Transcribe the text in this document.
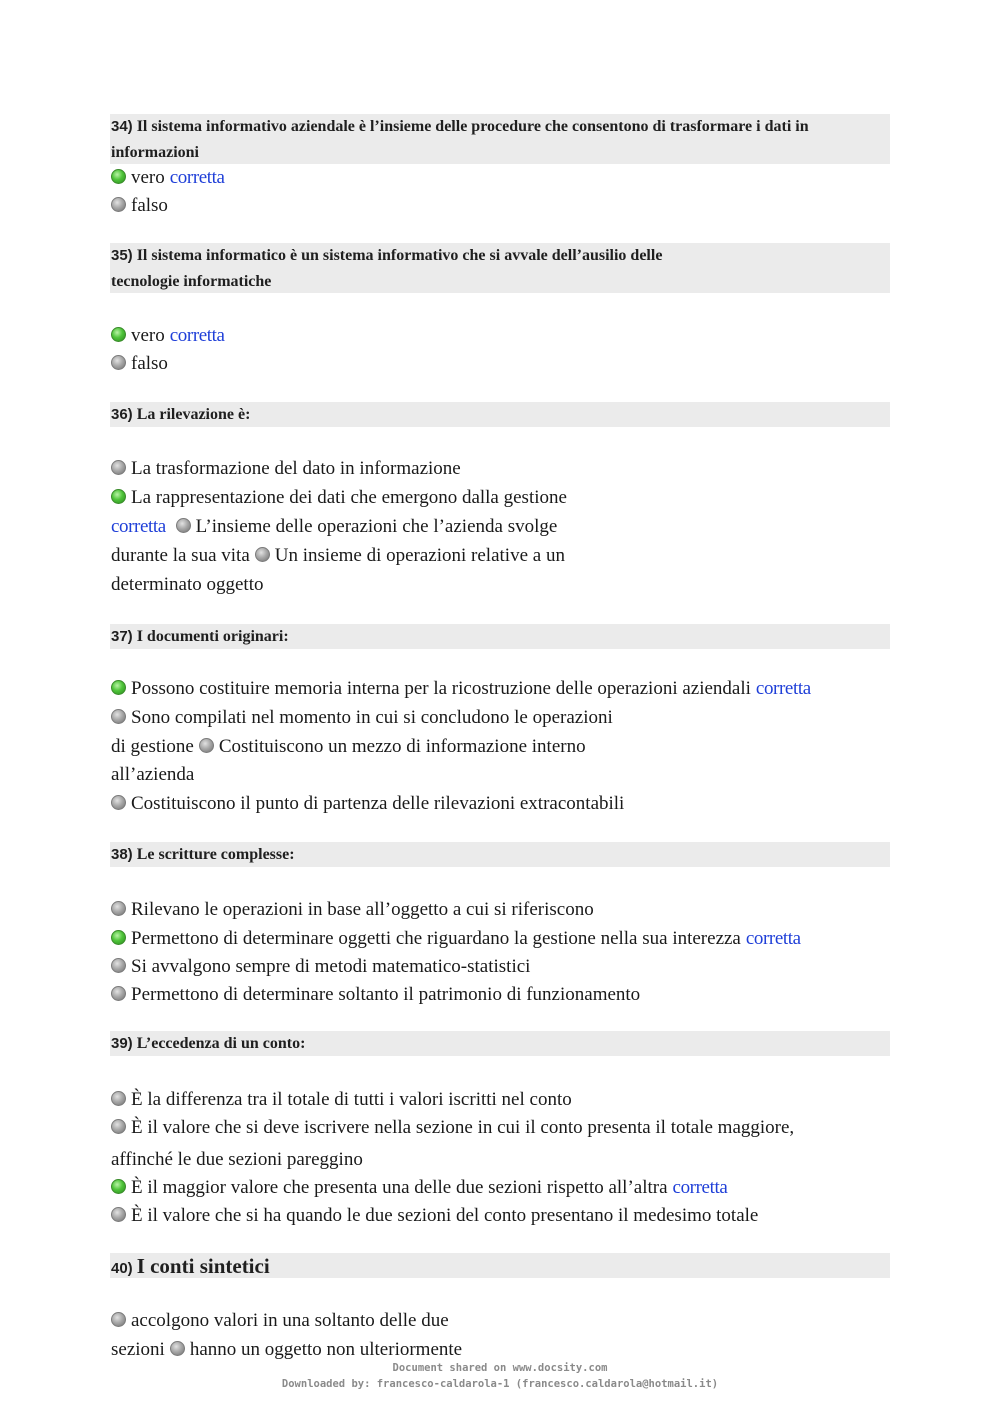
34) Il sistema informativo aziendale è l’insieme delle procedure che consentono di trasformare i dati in
informazioni
vero corretta
falso
35) Il sistema informatico è un sistema informativo che si avvale dell’ausilio delle
tecnologie informatiche
vero corretta
falso
36) La rilevazione è:
La trasformazione del dato in informazione
La rappresentazione dei dati che emergono dalla gestione
corretta L’insieme delle operazioni che l’azienda svolge
durante la sua vita Un insieme di operazioni relative a un
determinato oggetto
37) I documenti originari:
Possono costituire memoria interna per la ricostruzione delle operazioni aziendali corretta
Sono compilati nel momento in cui si concludono le operazioni
di gestione Costituiscono un mezzo di informazione interno
all’azienda
Costituiscono il punto di partenza delle rilevazioni extracontabili
38) Le scritture complesse:
Rilevano le operazioni in base all’oggetto a cui si riferiscono
Permettono di determinare oggetti che riguardano la gestione nella sua interezza corretta
Si avvalgono sempre di metodi matematico-statistici
Permettono di determinare soltanto il patrimonio di funzionamento
39) L’eccedenza di un conto:
È la differenza tra il totale di tutti i valori iscritti nel conto
È il valore che si deve iscrivere nella sezione in cui il conto presenta il totale maggiore,
affinché le due sezioni pareggino
È il maggior valore che presenta una delle due sezioni rispetto all’altra corretta
È il valore che si ha quando le due sezioni del conto presentano il medesimo totale
40) I conti sintetici
accolgono valori in una soltanto delle due
sezioni hanno un oggetto non ulteriormente
Document shared on www.docsity.com
Downloaded by: francesco-caldarola-1 (francesco.caldarola@hotmail.it)
